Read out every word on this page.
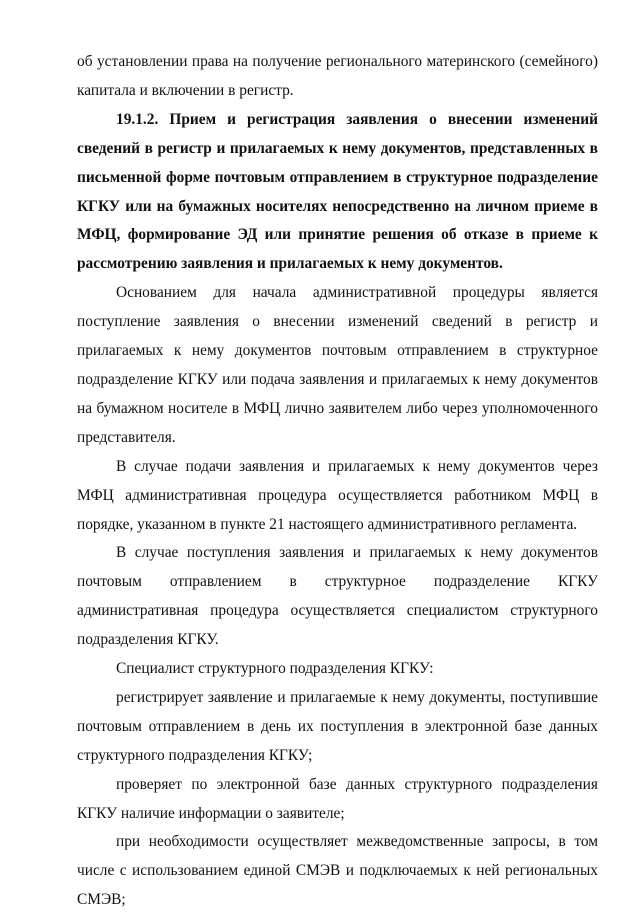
об установлении права на получение регионального материнского (семейного) капитала и включении в регистр.

19.1.2. Прием и регистрация заявления о внесении изменений сведений в регистр и прилагаемых к нему документов, представленных в письменной форме почтовым отправлением в структурное подразделение КГКУ или на бумажных носителях непосредственно на личном приеме в МФЦ, формирование ЭД или принятие решения об отказе в приеме к рассмотрению заявления и прилагаемых к нему документов.

Основанием для начала административной процедуры является поступление заявления о внесении изменений сведений в регистр и прилагаемых к нему документов почтовым отправлением в структурное подразделение КГКУ или подача заявления и прилагаемых к нему документов на бумажном носителе в МФЦ лично заявителем либо через уполномоченного представителя.

В случае подачи заявления и прилагаемых к нему документов через МФЦ административная процедура осуществляется работником МФЦ в порядке, указанном в пункте 21 настоящего административного регламента.

В случае поступления заявления и прилагаемых к нему документов почтовым отправлением в структурное подразделение КГКУ административная процедура осуществляется специалистом структурного подразделения КГКУ.

Специалист структурного подразделения КГКУ:

регистрирует заявление и прилагаемые к нему документы, поступившие почтовым отправлением в день их поступления в электронной базе данных структурного подразделения КГКУ;

проверяет по электронной базе данных структурного подразделения КГКУ наличие информации о заявителе;

при необходимости осуществляет межведомственные запросы, в том числе с использованием единой СМЭВ и подключаемых к ней региональных СМЭВ;
